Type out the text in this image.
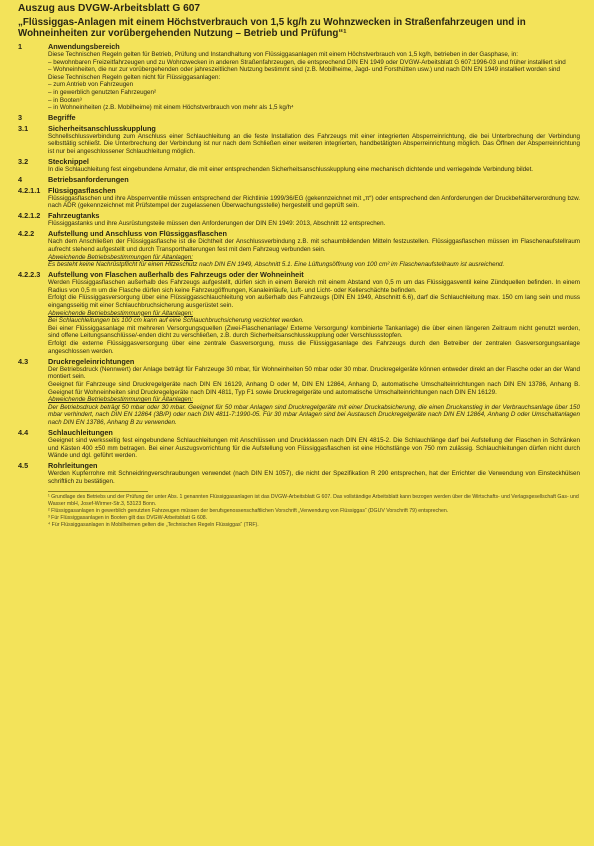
Auszug aus DVGW-Arbeitsblatt G 607
„Flüssiggas-Anlagen mit einem Höchstverbrauch von 1,5 kg/h zu Wohnzwecken in Straßenfahrzeugen und in Wohneinheiten zur vorübergehenden Nutzung – Betrieb und Prüfung“¹
1	Anwendungsbereich

Diese Technischen Regeln gelten für Betrieb, Prüfung und Instandhaltung von Flüssiggasanlagen mit einem Höchstverbrauch von 1,5 kg/h, betrieben in der Gasphase, in:

– bewohnbaren Freizeitfahrzeugen und zu Wohnzwecken in anderen Straßenfahrzeugen, die entsprechend DIN EN 1949 oder DVGW-Arbeitsblatt G 607:1996-03 und früher installiert sind

– Wohneinheiten, die nur zur vorübergehenden oder jahreszeitlichen Nutzung bestimmt sind (z.B. Mobilheime, Jagd- und Forsthütten usw.) und nach DIN EN 1949 installiert worden sind

Diese Technischen Regeln gelten nicht für Flüssiggasanlagen:

– zum Antrieb von Fahrzeugen

– in gewerblich genutzten Fahrzeugen²

– in Booten³

– in Wohneinheiten (z.B. Mobilheime) mit einem Höchstverbrauch von mehr als 1,5 kg/h⁴

3	Begriffe
3.1	Sicherheitsanschlusskupplung

Schnellschlussverbindung zum Anschluss einer Schlauchleitung an die feste Installation des Fahrzeugs mit einer integrierten Absperreinrichtung, die bei Unterbrechung der Verbindung selbsttätig schließt. Die Unterbrechung der Verbindung ist nur nach dem Schließen einer weiteren integrierten, handbetätigten Absperreinrichtung möglich. Das Öffnen der Absperreinrichtung ist nur bei angeschlossener Schlauchleitung möglich.

3.2	Stecknippel

In die Schlauchleitung fest eingebundene Armatur, die mit einer entsprechenden Sicherheitsanschlusskupplung eine mechanisch dichtende und verriegelnde Verbindung bildet.

4	Betriebsanforderungen
4.2.1.1	Flüssiggasflaschen

Flüssiggasflaschen und ihre Absperrventile müssen entsprechend der Richtlinie 1999/36/EG (gekennzeichnet mit „π“) oder entsprechend den Anforderungen der Druckbehälterverordnung bzw. nach ADR (gekennzeichnet mit Prüfstempel der zugelassenen Überwachungsstelle) hergestellt und geprüft sein.

4.2.1.2	Fahrzeugtanks

Flüssiggastanks und ihre Ausrüstungsteile müssen den Anforderungen der DIN EN 1949: 2013, Abschnitt 12 entsprechen.

4.2.2	Aufstellung und Anschluss von Flüssiggasflaschen

Nach dem Anschließen der Flüssiggasflasche ist die Dichtheit der Anschlussverbindung z.B. mit schaumbildenden Mitteln festzustellen. Flüssiggasflaschen müssen im Flaschenaufstellraum aufrecht stehend aufgestellt und durch Transporthalterungen fest mit dem Fahrzeug verbunden sein.

Abweichende Betriebsbestimmungen für Altanlagen:

Es besteht keine Nachrüstpflicht für einen Hitzeschutz nach DIN EN 1949, Abschnitt 5.1. Eine Lüftungsöffnung von 100 cm² im Flaschenaufstellraum ist ausreichend.

4.2.2.3	Aufstellung von Flaschen außerhalb des Fahrzeugs oder der Wohneinheit

Werden Flüssiggasflaschen außerhalb des Fahrzeugs aufgestellt, dürfen sich in einem Bereich mit einem Abstand von 0,5 m um das Flüssiggasventil keine Zündquellen befinden. In einem Radius von 0,5 m um die Flasche dürfen sich keine Fahrzeugöffnungen, Kanaleinläufe, Luft- und Licht- oder Kellerschächte befinden.

Erfolgt die Flüssiggasversorgung über eine Flüssiggasschlauchleitung von außerhalb des Fahrzeugs (DIN EN 1949, Abschnitt 6.6), darf die Schlauchleitung max. 150 cm lang sein und muss eingangsseitig mit einer Schlauchbruchsicherung ausgerüstet sein.

Abweichende Betriebsbestimmungen für Altanlagen:

Bei Schlauchleitungen bis 100 cm kann auf eine Schlauchbruchsicherung verzichtet werden.

Bei einer Flüssiggasanlage mit mehreren Versorgungsquellen (Zwei-Flaschenanlage/ Externe Versorgung/ kombinierte Tankanlage) die über einen längeren Zeitraum nicht genutzt werden, sind offene Leitungsanschlüsse/-enden dicht zu verschließen, z.B. durch Sicherheitsanschlusskupplung oder Verschlussstopfen.

Erfolgt die externe Flüssiggasversorgung über eine zentrale Gasversorgung, muss die Flüssiggasanlage des Fahrzeugs durch den Betreiber der zentralen Gasversorgungsanlage angeschlossen werden.

4.3	Druckregeleinrichtungen

Der Betriebsdruck (Nennwert) der Anlage beträgt für Fahrzeuge 30 mbar, für Wohneinheiten 50 mbar oder 30 mbar. Druckregelgeräte können entweder direkt an der Flasche oder an der Wand montiert sein.

Geeignet für Fahrzeuge sind Druckregelgeräte nach DIN EN 16129, Anhang D oder M, DIN EN 12864, Anhang D, automatische Umschalteinrichtungen nach DIN EN 13786, Anhang B. Geeignet für Wohneinheiten sind Druckregelgeräte nach DIN 4811, Typ F1 sowie Druckregelgeräte und automatische Umschalteinrichtungen nach DIN EN 16129.

Abweichende Betriebsbestimmungen für Altanlagen:

Der Betriebsdruck beträgt 50 mbar oder 30 mbar. Geeignet für 50 mbar Anlagen sind Druckregelgeräte mit einer Druckabsicherung, die einen Druckanstieg in der Verbrauchsanlage über 150 mbar verhindert, nach DIN EN 12864 (3B/P) oder nach DIN 4811-7:1990-05. Für 30 mbar Anlagen sind bei Austausch Druckregelgeräte nach DIN EN 12864, Anhang D oder Umschaltanlagen nach DIN EN 13786, Anhang B zu verwenden.

4.4	Schlauchleitungen

Geeignet sind werksseitig fest eingebundene Schlauchleitungen mit Anschlüssen und Druckklassen nach DIN EN 4815-2. Die Schlauchlänge darf bei Aufstellung der Flaschen in Schränken und Kästen 400 ±50 mm betragen. Bei einer Auszugsvorrichtung für die Aufstellung von Flüssiggasflaschen ist eine Höchstlänge von 750 mm zulässig. Schlauchleitungen dürfen nicht durch Wände und dgl. geführt werden.

4.5	Rohrleitungen

Werden Kupferrohre mit Schneidringverschraubungen verwendet (nach DIN EN 1057), die nicht der Spezifikation R 290 entsprechen, hat der Errichter die Verwendung von Einsteckhülsen schriftlich zu bestätigen.

¹ Grundlage des Betriebs und der Prüfung der unter Abs. 1 genannten Flüssiggasanlagen ist das DVGW-Arbeitsblatt G 607. Das vollständige Arbeitsblatt kann bezogen werden über die Wirtschafts- und Verlagsgesellschaft Gas- und Wasser mbH, Josef-Wirmer-Str.3, 53123 Bonn.

² Flüssiggasanlagen in gewerblich genutzten Fahrzeugen müssen der berufsgenossenschaftlichen Vorschrift „Verwendung von Flüssiggas“ (DGUV Vorschrift 79) entsprechen.

³ Für Flüssiggasanlagen in Booten gilt das DVGW-Arbeitsblatt G 608.

⁴ Für Flüssiggasanlagen in Mobilheimen gelten die „Technischen Regeln Flüssiggas“ (TRF).
